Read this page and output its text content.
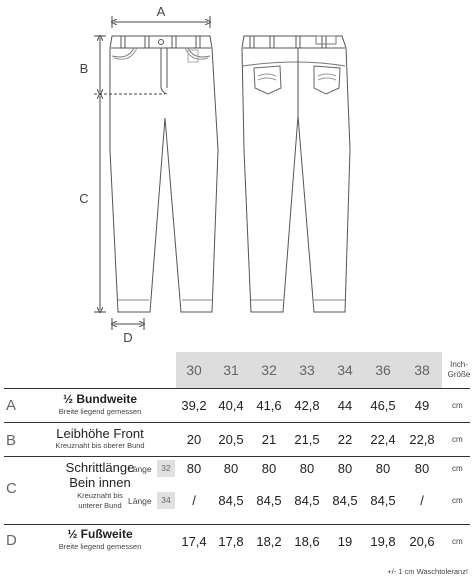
A
B
C
D
30	31	32	33	34	36	38	Inch-
Größe
A	½ Bundweite
Breite liegend gemessen	39,2 40,4 41,6 42,8	44	46,5	49	cm
B	Leibhöhe Front
Kreuznaht bis oberer Bund	20	20,5	21	21,5	22	22,4	22,8	cm
C
Schrittlänge
Bein innen
Kreuznaht bis
unterer Bund
Länge	32	80	80	80	80	80	80	80	cm
Länge	34	/	84,5 84,5 84,5 84,5 84,5	/	cm
D	½ Fußweite
Breite liegend gemessen	17,4 17,8 18,2 18,6	19	19,8	20,6	cm
+/- 1 cm Waschtoleranz!
